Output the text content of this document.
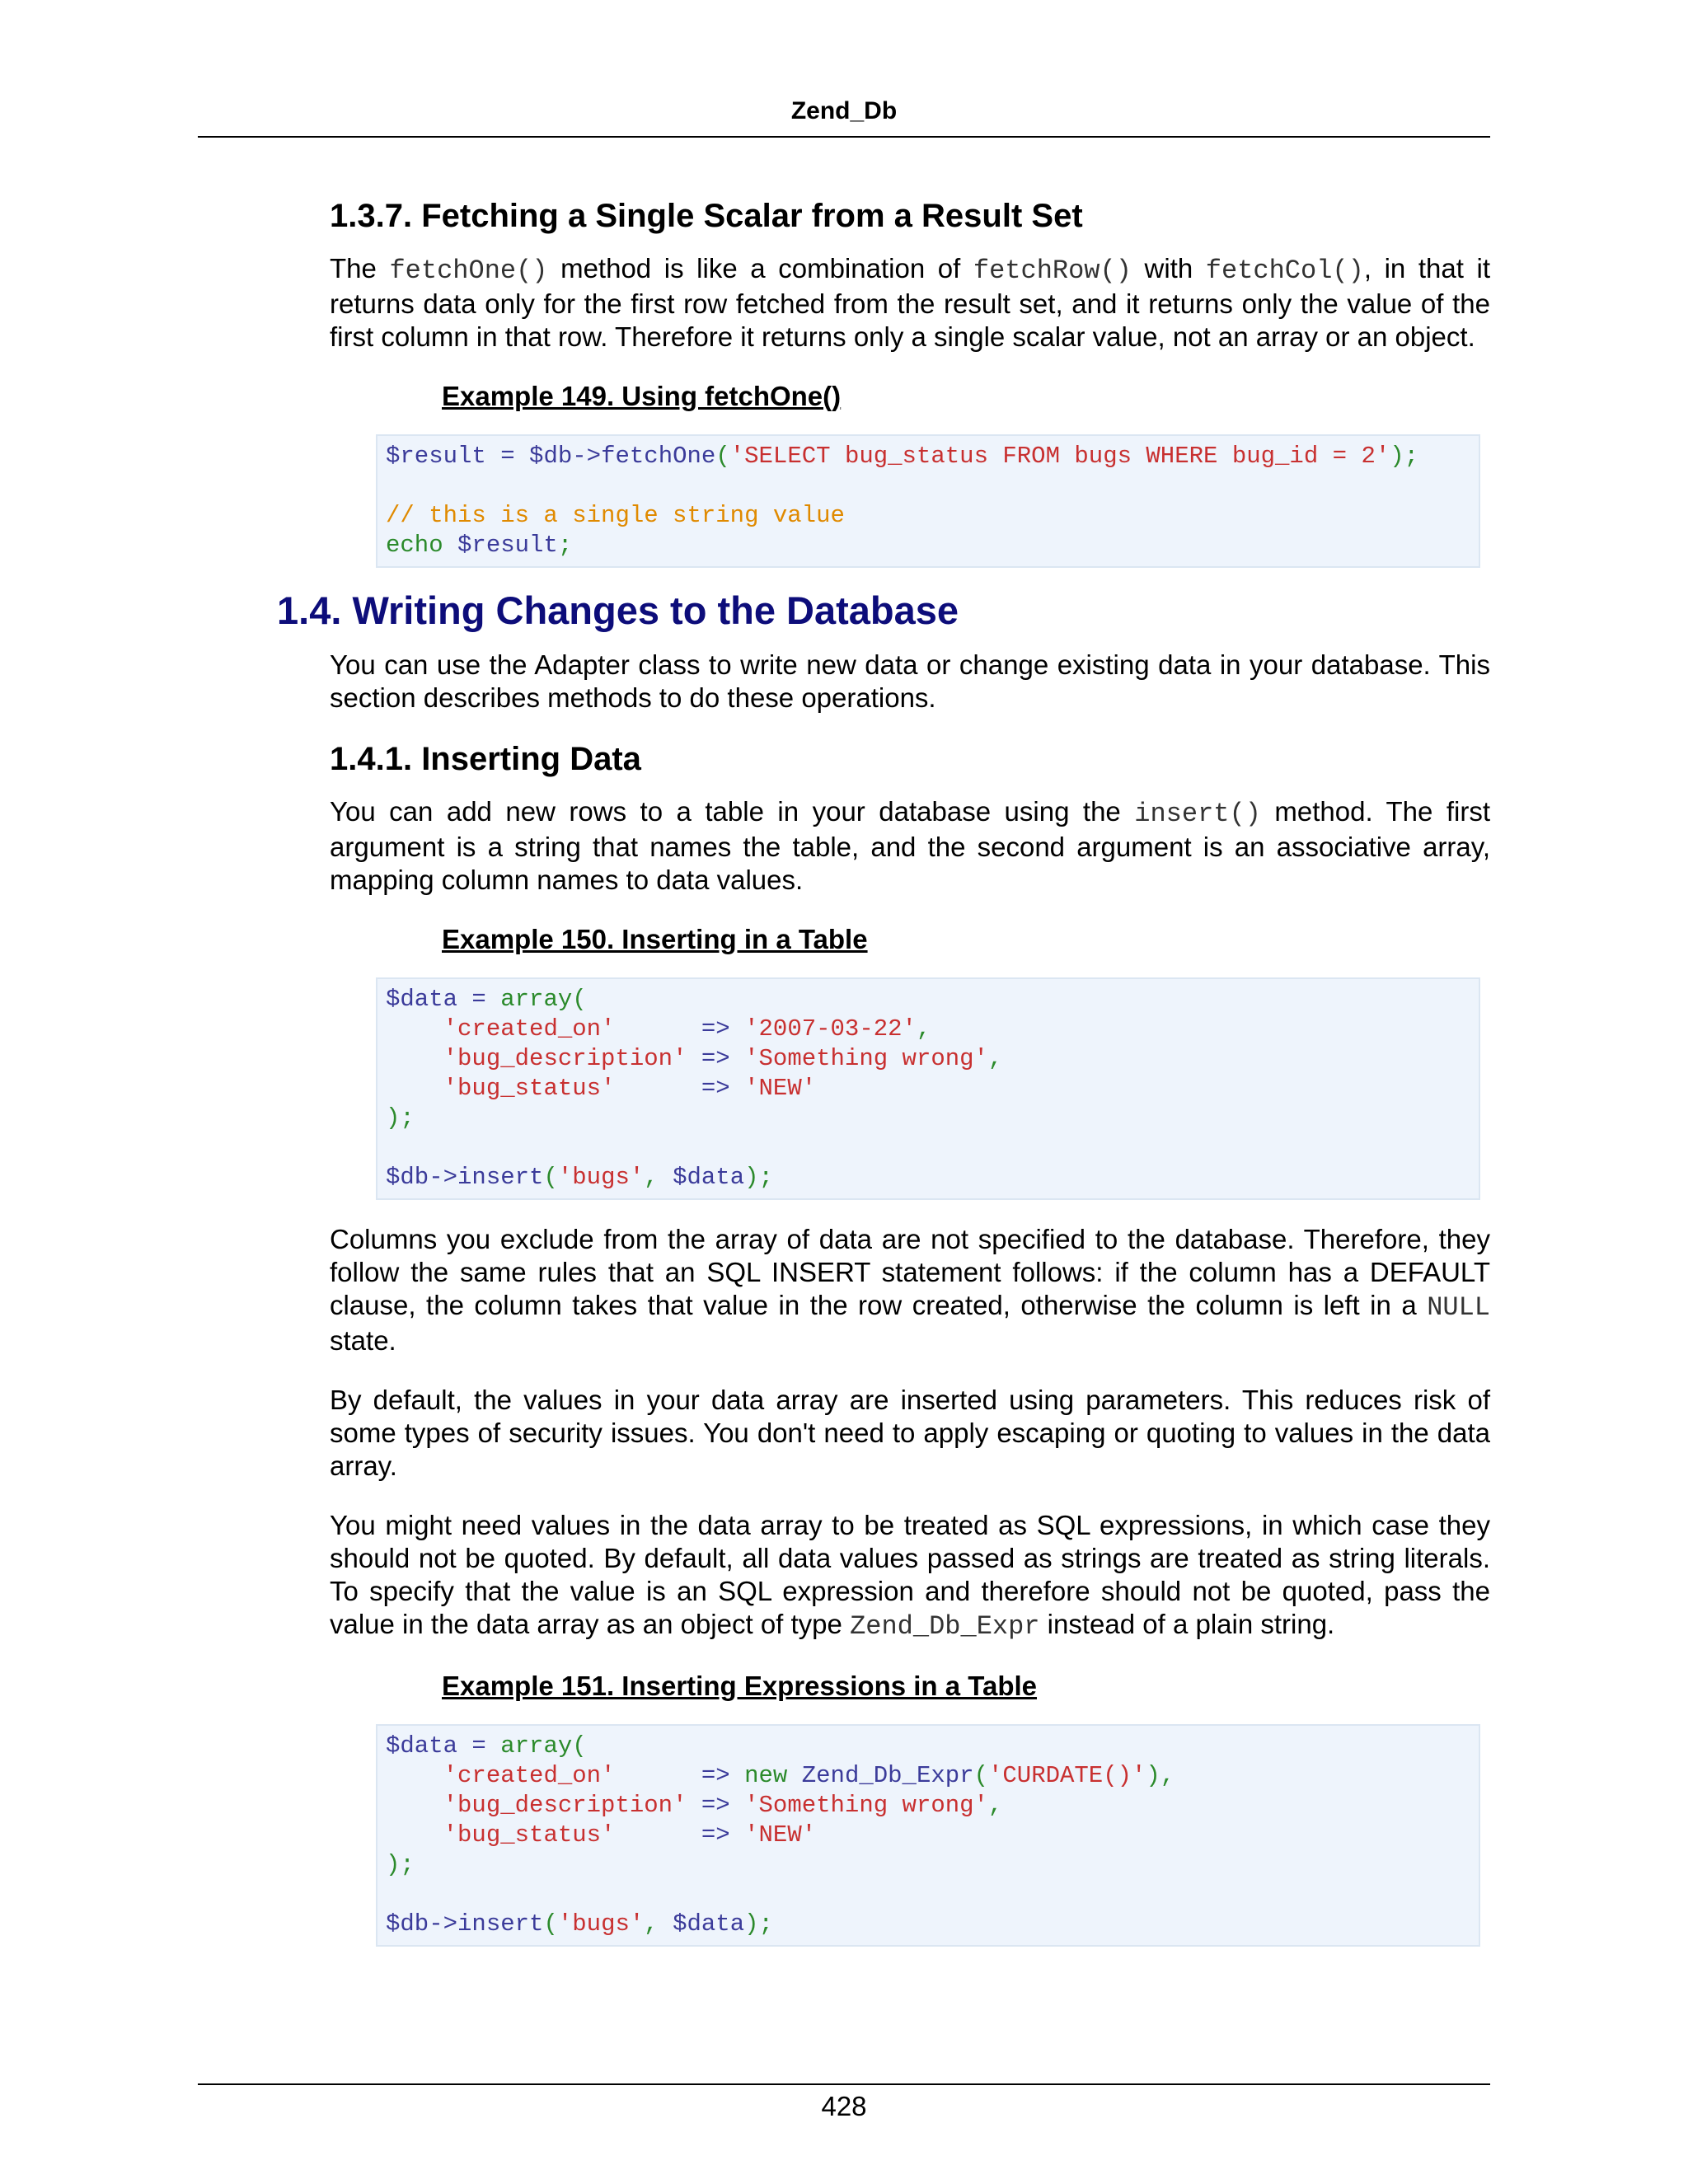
Zend_Db
1.3.7. Fetching a Single Scalar from a Result Set

The fetchOne() method is like a combination of fetchRow() with fetchCol(), in that it returns data only for the first row fetched from the result set, and it returns only the value of the first column in that row. Therefore it returns only a single scalar value, not an array or an object.

Example 149. Using fetchOne()
$result = $db->fetchOne('SELECT bug_status FROM bugs WHERE bug_id = 2');

// this is a single string value
echo $result;
1.4. Writing Changes to the Database

You can use the Adapter class to write new data or change existing data in your database. This section describes methods to do these operations.

1.4.1. Inserting Data

You can add new rows to a table in your database using the insert() method. The first argument is a string that names the table, and the second argument is an associative array, mapping column names to data values.

Example 150. Inserting in a Table
$data = array(
'created_on'	=> '2007-03-22',
'bug_description' => 'Something wrong',
'bug_status'	=> 'NEW'
);

$db->insert('bugs', $data);

Columns you exclude from the array of data are not specified to the database. Therefore, they follow the same rules that an SQL INSERT statement follows: if the column has a DEFAULT clause, the column takes that value in the row created, otherwise the column is left in a NULL state.

By default, the values in your data array are inserted using parameters. This reduces risk of some types of security issues. You don't need to apply escaping or quoting to values in the data array.

You might need values in the data array to be treated as SQL expressions, in which case they should not be quoted. By default, all data values passed as strings are treated as string literals. To specify that the value is an SQL expression and therefore should not be quoted, pass the value in the data array as an object of type Zend_Db_Expr instead of a plain string.

Example 151. Inserting Expressions in a Table
$data = array(
'created_on'	=> new Zend_Db_Expr('CURDATE()'),
'bug_description' => 'Something wrong',
'bug_status'	=> 'NEW'
);

$db->insert('bugs', $data);
428
